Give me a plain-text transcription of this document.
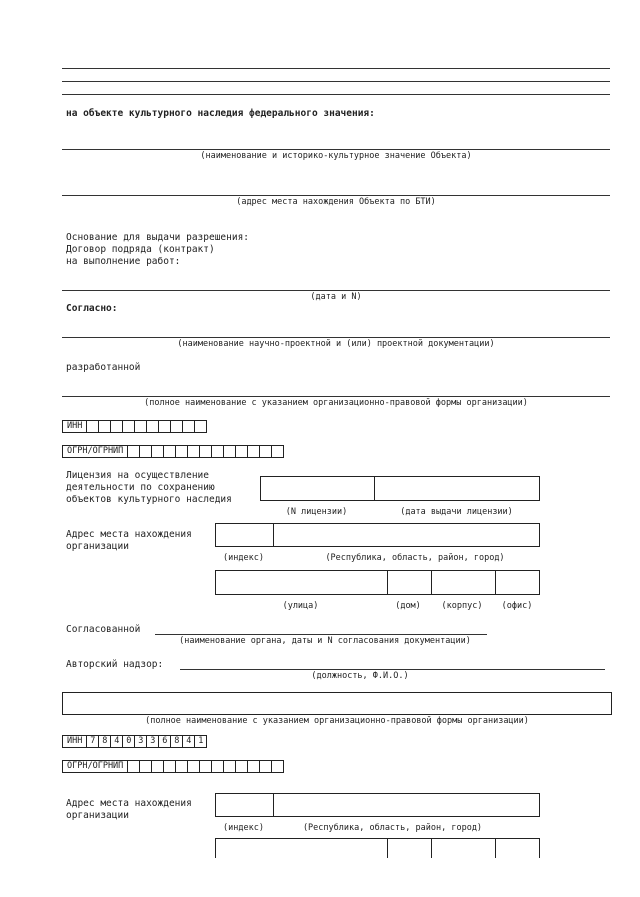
на объекте культурного наследия федерального значения:
(наименование и историко-культурное значение Объекта)
(адрес места нахождения Объекта по БТИ)
Основание для выдачи разрешения:
Договор подряда (контракт)
на выполнение работ:
(дата и N)
Согласно:
(наименование научно-проектной и (или) проектной документации)
разработанной
(полное наименование с указанием организационно-правовой формы организации)
ИНН
ОГРН/ОГРНИП
Лицензия на осуществление
деятельности по сохранению
объектов культурного наследия
(N лицензии)	(дата выдачи лицензии)
Адрес места нахождения
организации
(индекс)	(Республика, область, район, город)
(улица)	(дом)	(корпус)	(офис)
Согласованной
(наименование органа, даты и N согласования документации)
Авторский надзор:
(должность, Ф.И.О.)
(полное наименование с указанием организационно-правовой формы организации)
ИНН 7 8 4 0 3 3 6 8 4 1
ОГРН/ОГРНИП
Адрес места нахождения
организации
(индекс)	(Республика, область, район, город)
